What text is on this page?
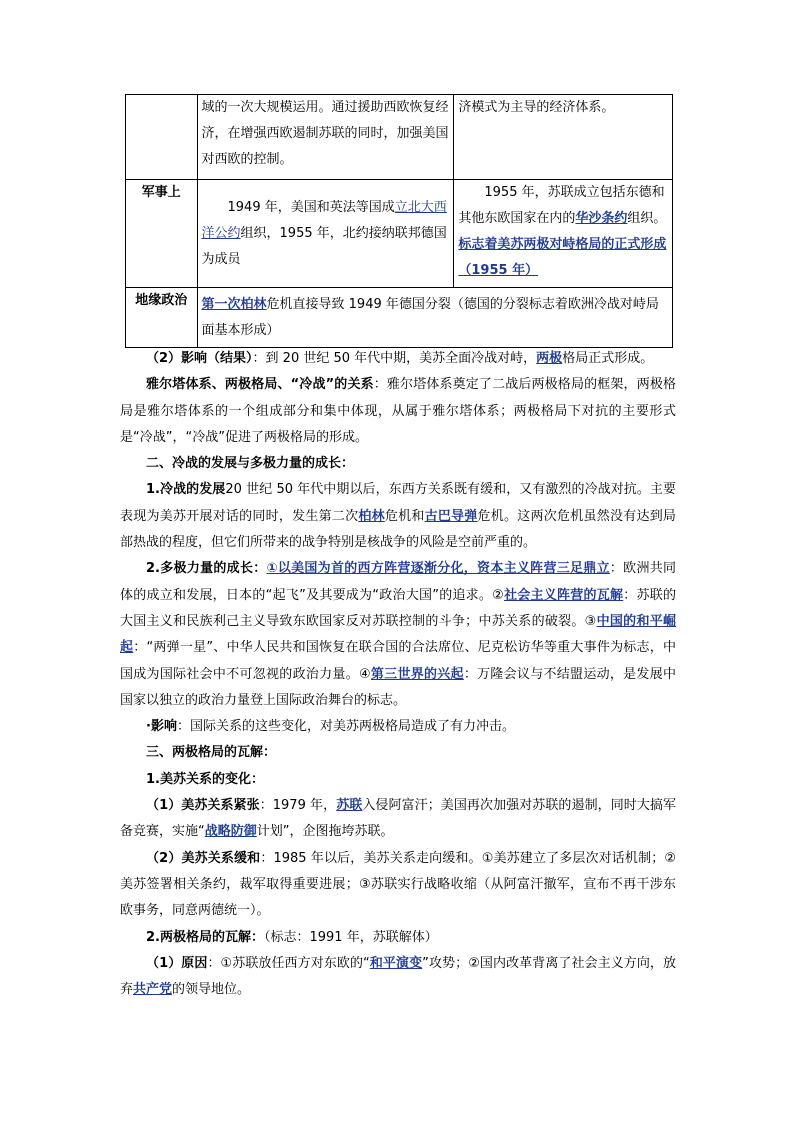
	域的一次大规模运用。通过援助西欧恢复经济，在增强西欧遏制苏联的同时，加强美国对西欧的控制。	济模式为主导的经济体系。
军事上	1949 年，美国和英法等国成立北大西洋公约组织，1955 年，北约接纳联邦德国为成员	1955 年，苏联成立包括东德和其他东欧国家在内的华沙条约组织。标志着美苏两极对峙格局的正式形成（1955 年）

地缘政治	第一次柏林危机直接导致 1949 年德国分裂（德国的分裂标志着欧洲冷战对峙局面基本形成）	

（2）影响（结果）：到 20 世纪 50 年代中期，美苏全面冷战对峙，两极格局正式形成。

雅尔塔体系、两极格局、“冷战”的关系：雅尔塔体系奠定了二战后两极格局的框架，两极格局是雅尔塔体系的一个组成部分和集中体现，从属于雅尔塔体系；两极格局下对抗的主要形式是“冷战”，“冷战”促进了两极格局的形成。

二、冷战的发展与多极力量的成长：

1.冷战的发展20 世纪 50 年代中期以后，东西方关系既有缓和，又有激烈的冷战对抗。主要表现为美苏开展对话的同时，发生第二次柏林危机和古巴导弹危机。这两次危机虽然没有达到局部热战的程度，但它们所带来的战争特别是核战争的风险是空前严重的。

2.多极力量的成长：①以美国为首的西方阵营逐渐分化，资本主义阵营三足鼎立：欧洲共同体的成立和发展，日本的“起飞”及其要成为“政治大国”的追求。②社会主义阵营的瓦解：苏联的大国主义和民族利己主义导致东欧国家反对苏联控制的斗争；中苏关系的破裂。③中国的和平崛起：“两弹一星”、中华人民共和国恢复在联合国的合法席位、尼克松访华等重大事件为标志，中国成为国际社会中不可忽视的政治力量。④第三世界的兴起：万隆会议与不结盟运动，是发展中国家以独立的政治力量登上国际政治舞台的标志。

·影响：国际关系的这些变化，对美苏两极格局造成了有力冲击。

三、两极格局的瓦解：

1.美苏关系的变化：

（1）美苏关系紧张：1979 年，苏联入侵阿富汗；美国再次加强对苏联的遏制，同时大搞军备竞赛，实施“战略防御计划”，企图拖垮苏联。

（2）美苏关系缓和：1985 年以后，美苏关系走向缓和。①美苏建立了多层次对话机制；②美苏签署相关条约，裁军取得重要进展；③苏联实行战略收缩（从阿富汗撤军，宣布不再干涉东欧事务，同意两德统一）。

2.两极格局的瓦解：（标志：1991 年，苏联解体）

（1）原因：①苏联放任西方对东欧的“和平演变”攻势；②国内改革背离了社会主义方向，放弃共产党的领导地位。
